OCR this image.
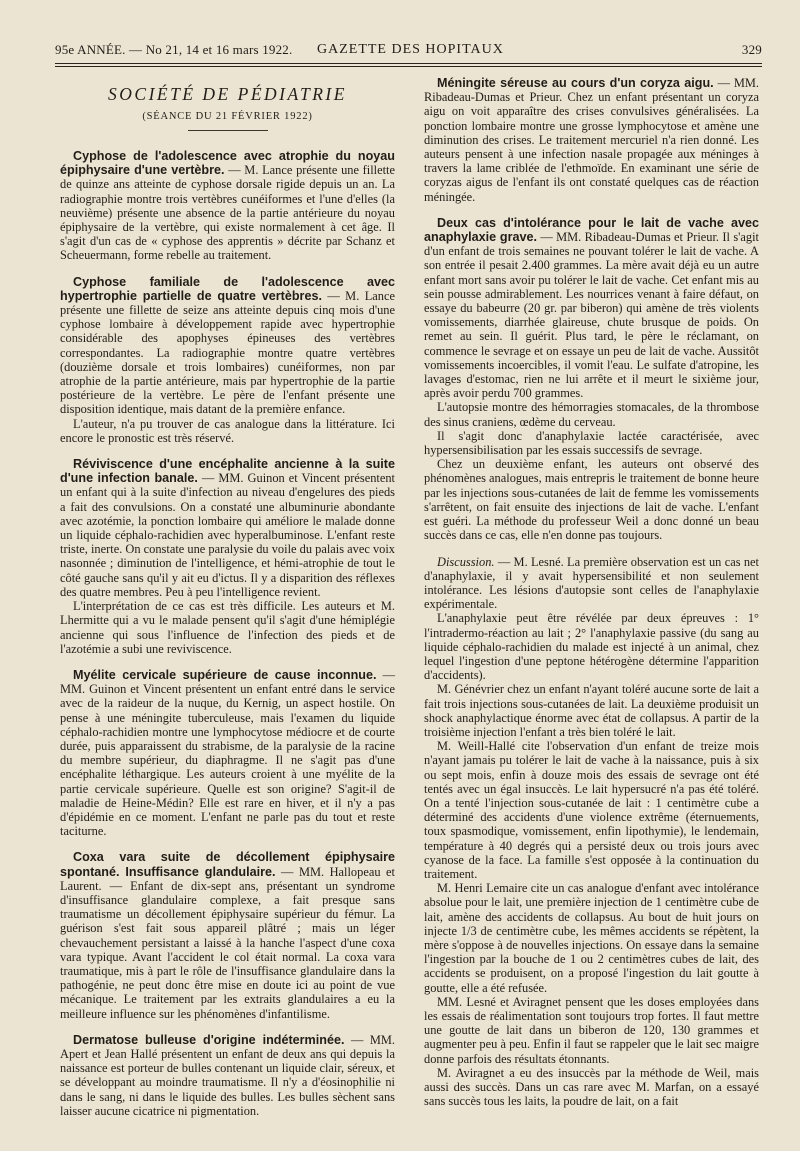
95e ANNÉE. — No 21, 14 et 16 mars 1922. GAZETTE DES HOPITAUX	329
SOCIÉTÉ DE PÉDIATRIE
(SÉANCE DU 21 FÉVRIER 1922)

Cyphose de l'adolescence avec atrophie du noyau épiphysaire d'une vertèbre. — M. Lance présente une fillette de quinze ans atteinte de cyphose dorsale rigide depuis un an. La radiographie montre trois vertèbres cunéiformes et l'une d'elles (la neuvième) présente une absence de la partie antérieure du noyau épiphysaire de la vertèbre, qui existe normalement à cet âge. Il s'agit d'un cas de « cyphose des apprentis » décrite par Schanz et Scheuermann, forme rebelle au traitement.

Cyphose familiale de l'adolescence avec hypertrophie partielle de quatre vertèbres. — M. Lance présente une fillette de seize ans atteinte depuis cinq mois d'une cyphose lombaire à développement rapide avec hypertrophie considérable des apophyses épineuses des vertèbres correspondantes. La radiographie montre quatre vertèbres (douzième dorsale et trois lombaires) cunéiformes, non par atrophie de la partie antérieure, mais par hypertrophie de la partie postérieure de la vertèbre. Le père de l'enfant présente une disposition identique, mais datant de la première enfance.

L'auteur, n'a pu trouver de cas analogue dans la littérature. Ici encore le pronostic est très réservé.

Réviviscence d'une encéphalite ancienne à la suite d'une infection banale. — MM. Guinon et Vincent présentent un enfant qui à la suite d'infection au niveau d'engelures des pieds a fait des convulsions. On a constaté une albuminurie abondante avec azotémie, la ponction lombaire qui améliore le malade donne un liquide céphalo-rachidien avec hyperalbuminose. L'enfant reste triste, inerte. On constate une paralysie du voile du palais avec voix nasonnée ; diminution de l'intelligence, et hémi-atrophie de tout le côté gauche sans qu'il y ait eu d'ictus. Il y a disparition des réflexes des quatre membres. Peu à peu l'intelligence revient.

L'interprétation de ce cas est très difficile. Les auteurs et M. Lhermitte qui a vu le malade pensent qu'il s'agit d'une hémiplégie ancienne qui sous l'influence de l'infection des pieds et de l'azotémie a subi une reviviscence.

Myélite cervicale supérieure de cause inconnue. — MM. Guinon et Vincent présentent un enfant entré dans le service avec de la raideur de la nuque, du Kernig, un aspect hostile. On pense à une méningite tuberculeuse, mais l'examen du liquide céphalo-rachidien montre une lymphocytose médiocre et de courte durée, puis apparaissent du strabisme, de la paralysie de la racine du membre supérieur, du diaphragme. Il ne s'agit pas d'une encéphalite léthargique. Les auteurs croient à une myélite de la partie cervicale supérieure. Quelle est son origine? S'agit-il de maladie de Heine-Médin? Elle est rare en hiver, et il n'y a pas d'épidémie en ce moment. L'enfant ne parle pas du tout et reste taciturne.

Coxa vara suite de décollement épiphysaire spontané. Insuffisance glandulaire. — MM. Hallopeau et Laurent. — Enfant de dix-sept ans, présentant un syndrome d'insuffisance glandulaire complexe, a fait presque sans traumatisme un décollement épiphysaire supérieur du fémur. La guérison s'est fait sous appareil plâtré ; mais un léger chevauchement persistant a laissé à la hanche l'aspect d'une coxa vara typique. Avant l'accident le col était normal. La coxa vara traumatique, mis à part le rôle de l'insuffisance glandulaire dans la pathogénie, ne peut donc être mise en doute ici au point de vue mécanique. Le traitement par les extraits glandulaires a eu la meilleure influence sur les phénomènes d'infantilisme.

Dermatose bulleuse d'origine indéterminée. — MM. Apert et Jean Hallé présentent un enfant de deux ans qui depuis la naissance est porteur de bulles contenant un liquide clair, séreux, et se développant au moindre traumatisme. Il n'y a d'éosinophilie ni dans le sang, ni dans le liquide des bulles. Les bulles sèchent sans laisser aucune cicatrice ni pigmentation.

Méningite séreuse au cours d'un coryza aigu. — MM. Ribadeau-Dumas et Prieur. Chez un enfant présentant un coryza aigu on voit apparaître des crises convulsives généralisées. La ponction lombaire montre une grosse lymphocytose et amène une diminution des crises. Le traitement mercuriel n'a rien donné. Les auteurs pensent à une infection nasale propagée aux méninges à travers la lame criblée de l'ethmoïde. En examinant une série de coryzas aigus de l'enfant ils ont constaté quelques cas de réaction méningée.

Deux cas d'intolérance pour le lait de vache avec anaphylaxie grave. — MM. Ribadeau-Dumas et Prieur. Il s'agit d'un enfant de trois semaines ne pouvant tolérer le lait de vache. A son entrée il pesait 2.400 grammes. La mère avait déjà eu un autre enfant mort sans avoir pu tolérer le lait de vache. Cet enfant mis au sein pousse admirablement. Les nourrices venant à faire défaut, on essaye du babeurre (20 gr. par biberon) qui amène de très violents vomissements, diarrhée glaireuse, chute brusque de poids. On remet au sein. Il guérit. Plus tard, le père le réclamant, on commence le sevrage et on essaye un peu de lait de vache. Aussitôt vomissements incoercibles, il vomit l'eau. Le sulfate d'atropine, les lavages d'estomac, rien ne lui arrête et il meurt le sixième jour, après avoir perdu 700 grammes.

L'autopsie montre des hémorragies stomacales, de la thrombose des sinus craniens, œdème du cerveau.

Il s'agit donc d'anaphylaxie lactée caractérisée, avec hypersensibilisation par les essais successifs de sevrage.

Chez un deuxième enfant, les auteurs ont observé des phénomènes analogues, mais entrepris le traitement de bonne heure par les injections sous-cutanées de lait de femme les vomissements s'arrêtent, on fait ensuite des injections de lait de vache. L'enfant est guéri. La méthode du professeur Weil a donc donné un beau succès dans ce cas, elle n'en donne pas toujours.

Discussion. — M. Lesné. La première observation est un cas net d'anaphylaxie, il y avait hypersensibilité et non seulement intolérance. Les lésions d'autopsie sont celles de l'anaphylaxie expérimentale.

L'anaphylaxie peut être révélée par deux épreuves : 1° l'intradermo-réaction au lait ; 2° l'anaphylaxie passive (du sang au liquide céphalo-rachidien du malade est injecté à un animal, chez lequel l'ingestion d'une peptone hétérogène détermine l'apparition d'accidents).

M. Génévrier chez un enfant n'ayant toléré aucune sorte de lait a fait trois injections sous-cutanées de lait. La deuxième produisit un shock anaphylactique énorme avec état de collapsus. A partir de la troisième injection l'enfant a très bien toléré le lait.

M. Weill-Hallé cite l'observation d'un enfant de treize mois n'ayant jamais pu tolérer le lait de vache à la naissance, puis à six ou sept mois, enfin à douze mois des essais de sevrage ont été tentés avec un égal insuccès. Le lait hypersucré n'a pas été toléré. On a tenté l'injection sous-cutanée de lait : 1 centimètre cube a déterminé des accidents d'une violence extrême (éternuements, toux spasmodique, vomissement, enfin lipothymie), le lendemain, température à 40 degrés qui a persisté deux ou trois jours avec cyanose de la face. La famille s'est opposée à la continuation du traitement.

M. Henri Lemaire cite un cas analogue d'enfant avec intolérance absolue pour le lait, une première injection de 1 centimètre cube de lait, amène des accidents de collapsus. Au bout de huit jours on injecte 1/3 de centimètre cube, les mêmes accidents se répètent, la mère s'oppose à de nouvelles injections. On essaye dans la semaine l'ingestion par la bouche de 1 ou 2 centimètres cubes de lait, des accidents se produisent, on a proposé l'ingestion du lait goutte à goutte, elle a été refusée.

MM. Lesné et Aviragnet pensent que les doses employées dans les essais de réalimentation sont toujours trop fortes. Il faut mettre une goutte de lait dans un biberon de 120, 130 grammes et augmenter peu à peu. Enfin il faut se rappeler que le lait sec maigre donne parfois des résultats étonnants.

M. Aviragnet a eu des insuccès par la méthode de Weil, mais aussi des succès. Dans un cas rare avec M. Marfan, on a essayé sans succès tous les laits, la poudre de lait, on a fait
